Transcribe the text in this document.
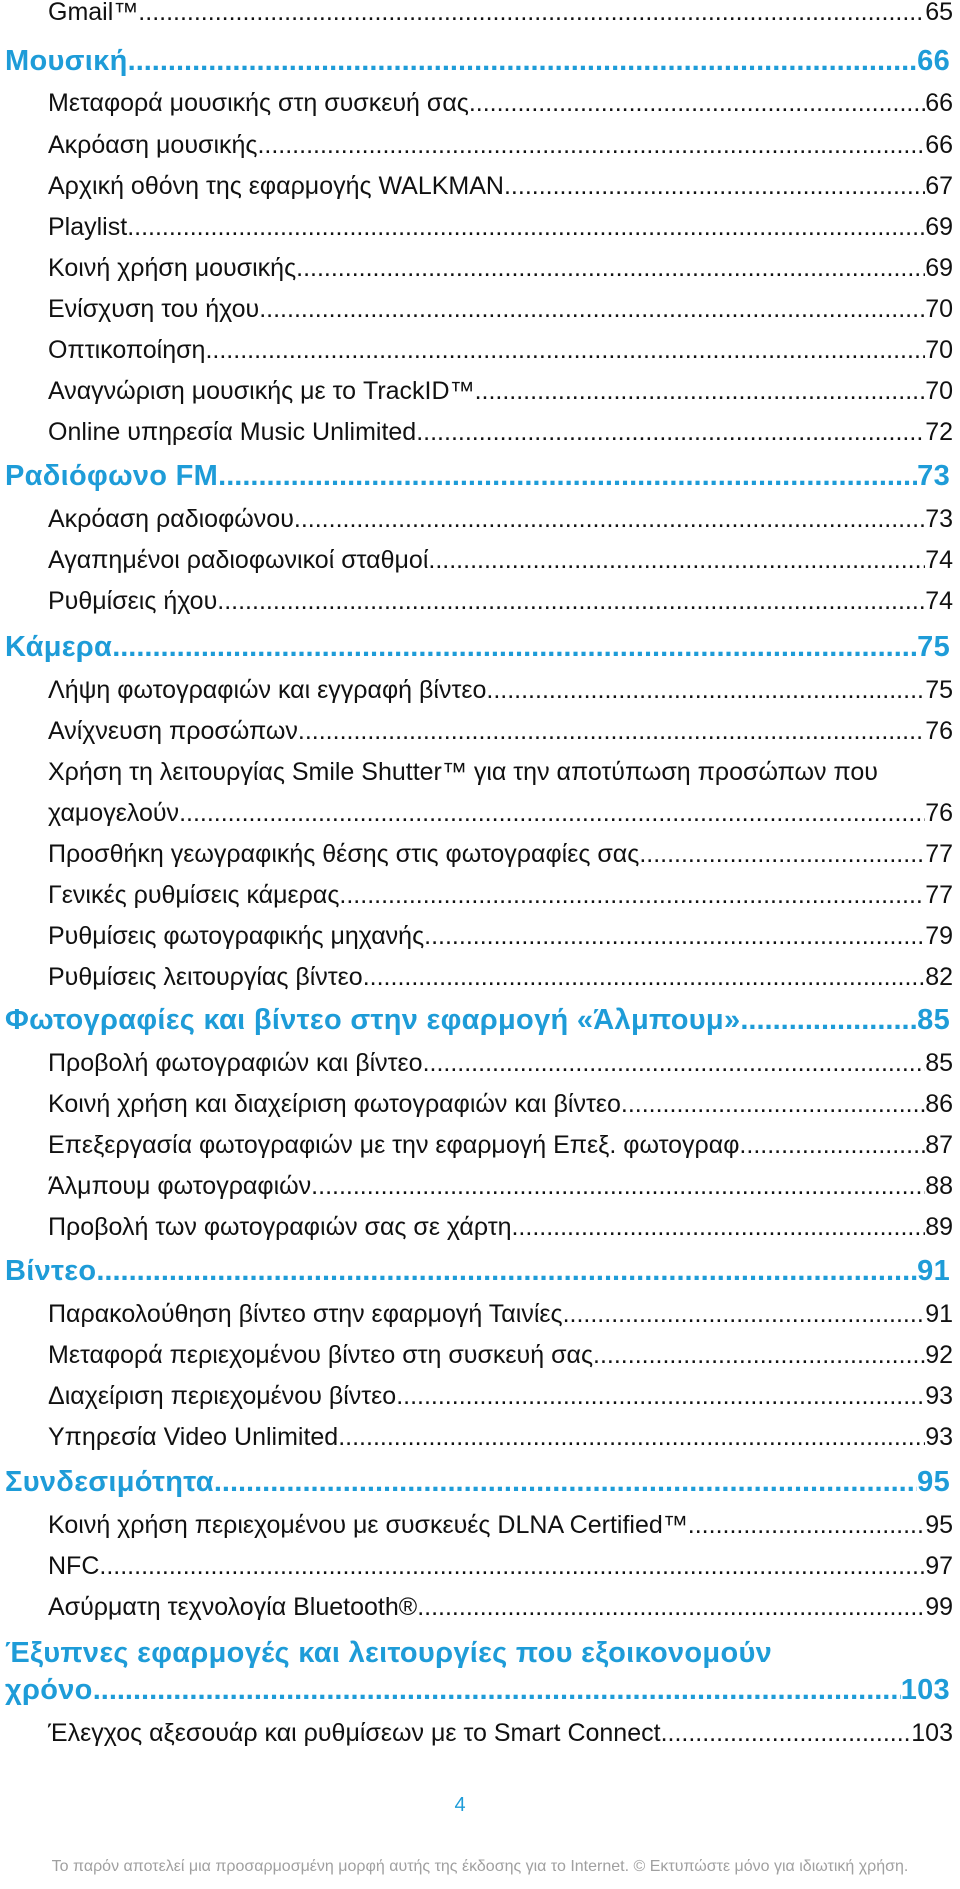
Gmail™ .....	65
Μουσική .....	66
Μεταφορά μουσικής στη συσκευή σας .....	66
Ακρόαση μουσικής .....	66
Αρχική οθόνη της εφαρμογής WALKMAN .....	67
Playlist .....	69
Κοινή χρήση μουσικής .....	69
Ενίσχυση του ήχου .....	70
Οπτικοποίηση .....	70
Αναγνώριση μουσικής με το TrackID™ .....	70
Online υπηρεσία Music Unlimited .....	72
Ραδιόφωνο FM .....	73
Ακρόαση ραδιοφώνου .....	73
Αγαπημένοι ραδιοφωνικοί σταθμοί .....	74
Ρυθμίσεις ήχου .....	74
Κάμερα .....	75
Λήψη φωτογραφιών και εγγραφή βίντεο .....	75
Ανίχνευση προσώπων .....	76
Χρήση τη λειτουργίας Smile Shutter™ για την αποτύπωση προσώπων που
χαμογελούν .....	76
Προσθήκη γεωγραφικής θέσης στις φωτογραφίες σας .....	77
Γενικές ρυθμίσεις κάμερας .....	77
Ρυθμίσεις φωτογραφικής μηχανής .....	79
Ρυθμίσεις λειτουργίας βίντεο .....	82
Φωτογραφίες και βίντεο στην εφαρμογή «Άλμπουμ» .....	85
Προβολή φωτογραφιών και βίντεο .....	85
Κοινή χρήση και διαχείριση φωτογραφιών και βίντεο .....	86
Επεξεργασία φωτογραφιών με την εφαρμογή Επεξ. φωτογραφ .....	87
Άλμπουμ φωτογραφιών .....	88
Προβολή των φωτογραφιών σας σε χάρτη .....	89
Βίντεο .....	91
Παρακολούθηση βίντεο στην εφαρμογή Ταινίες .....	91
Μεταφορά περιεχομένου βίντεο στη συσκευή σας .....	92
Διαχείριση περιεχομένου βίντεο .....	93
Υπηρεσία Video Unlimited .....	93
Συνδεσιμότητα .....	95
Κοινή χρήση περιεχομένου με συσκευές DLNA Certified™ .....	95
NFC .....	97
Ασύρματη τεχνολογία Bluetooth® .....	99
Έξυπνες εφαρμογές και λειτουργίες που εξοικονομούν
χρόνο .....	103
Έλεγχος αξεσουάρ και ρυθμίσεων με το Smart Connect .....	103
4
Το παρόν αποτελεί μια προσαρμοσμένη μορφή αυτής της έκδοσης για το Internet. © Εκτυπώστε μόνο για ιδιωτική χρήση.
